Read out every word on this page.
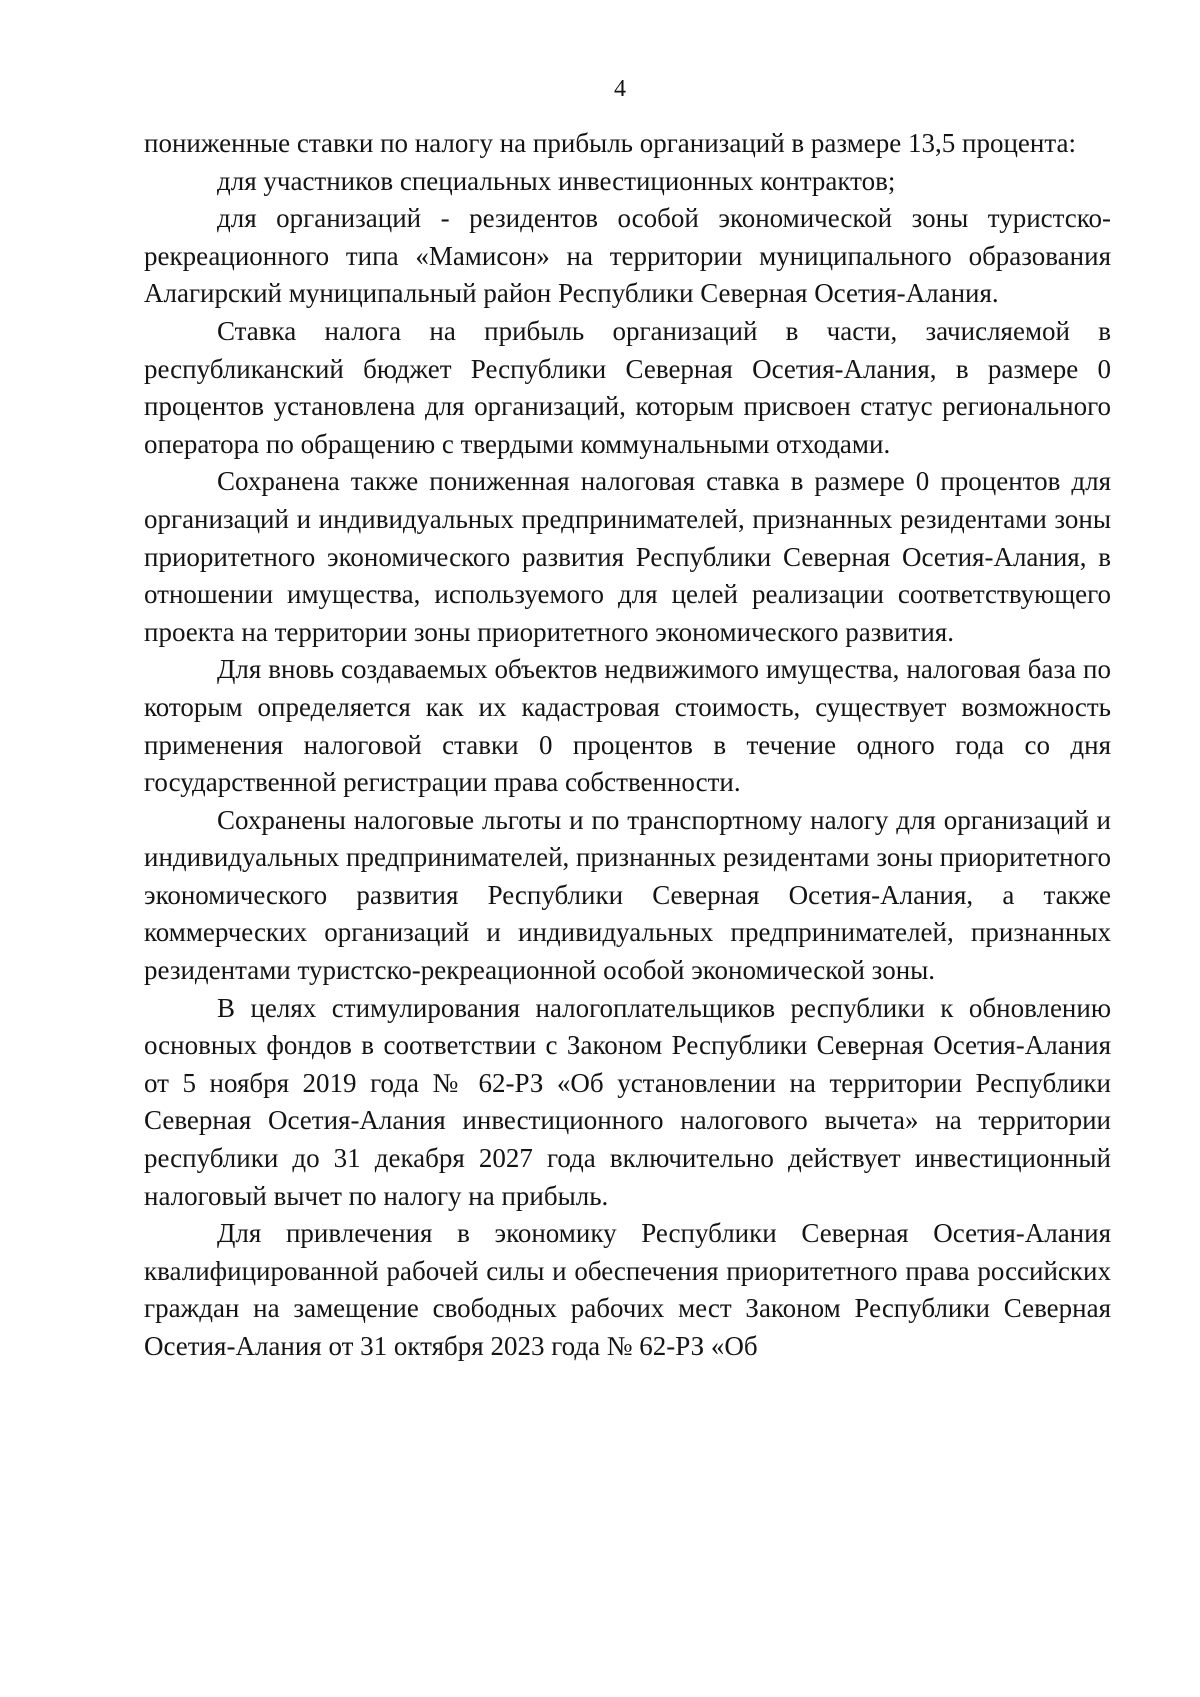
4

пониженные ставки по налогу на прибыль организаций в размере 13,5 процента:

для участников специальных инвестиционных контрактов;

для организаций - резидентов особой экономической зоны туристско-рекреационного типа «Мамисон» на территории муниципального образования Алагирский муниципальный район Республики Северная Осетия-Алания.

Ставка налога на прибыль организаций в части, зачисляемой в республиканский бюджет Республики Северная Осетия-Алания, в размере 0 процентов установлена для организаций, которым присвоен статус регионального оператора по обращению с твердыми коммунальными отходами.

Сохранена также пониженная налоговая ставка в размере 0 процентов для организаций и индивидуальных предпринимателей, признанных резидентами зоны приоритетного экономического развития Республики Северная Осетия-Алания, в отношении имущества, используемого для целей реализации соответствующего проекта на территории зоны приоритетного экономического развития.

Для вновь создаваемых объектов недвижимого имущества, налоговая база по которым определяется как их кадастровая стоимость, существует возможность применения налоговой ставки 0 процентов в течение одного года со дня государственной регистрации права собственности.

Сохранены налоговые льготы и по транспортному налогу для организаций и индивидуальных предпринимателей, признанных резидентами зоны приоритетного экономического развития Республики Северная Осетия-Алания, а также коммерческих организаций и индивидуальных предпринимателей, признанных резидентами туристско-рекреационной особой экономической зоны.

В целях стимулирования налогоплательщиков республики к обновлению основных фондов в соответствии с Законом Республики Северная Осетия-Алания от 5 ноября 2019 года № 62-РЗ «Об установлении на территории Республики Северная Осетия-Алания инвестиционного налогового вычета» на территории республики до 31 декабря 2027 года включительно действует инвестиционный налоговый вычет по налогу на прибыль.

Для привлечения в экономику Республики Северная Осетия-Алания квалифицированной рабочей силы и обеспечения приоритетного права российских граждан на замещение свободных рабочих мест Законом Республики Северная Осетия-Алания от 31 октября 2023 года № 62-РЗ «Об
